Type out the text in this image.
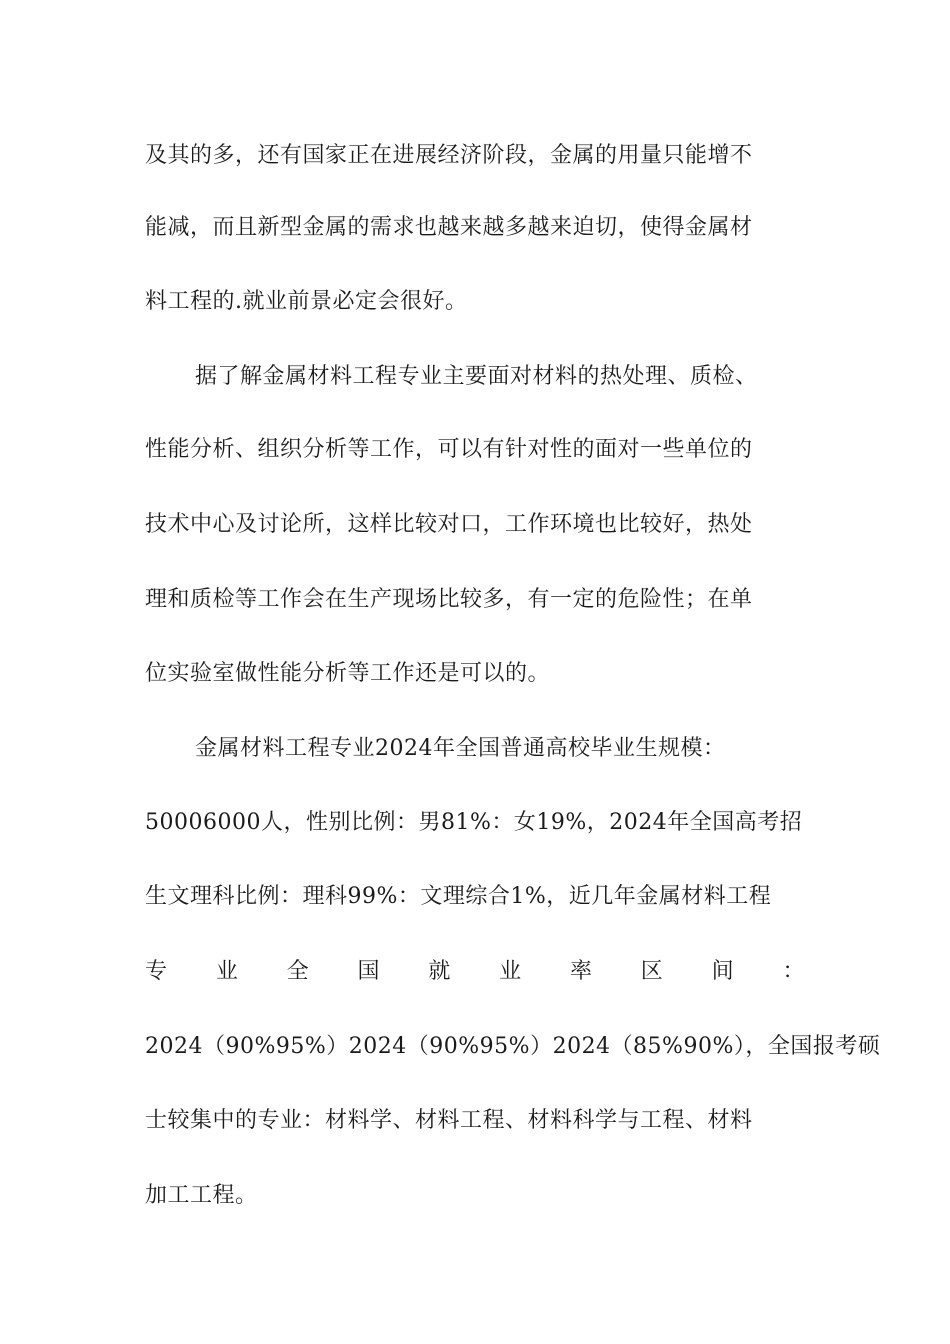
及其的多，还有国家正在进展经济阶段，金属的用量只能增不
能减，而且新型金属的需求也越来越多越来迫切，使得金属材
料工程的.就业前景必定会很好。
据了解金属材料工程专业主要面对材料的热处理、质检、
性能分析、组织分析等工作，可以有针对性的面对一些单位的
技术中心及讨论所，这样比较对口，工作环境也比较好，热处
理和质检等工作会在生产现场比较多，有一定的危险性；在单
位实验室做性能分析等工作还是可以的。
金属材料工程专业2024年全国普通高校毕业生规模：
50006000人，性别比例：男81%：女19%，2024年全国高考招
生文理科比例：理科99%：文理综合1%，近几年金属材料工程
专 业 全 国 就 业 率 区 间 ：
2024（90%95%）2024（90%95%）2024（85%90%），全国报考硕
士较集中的专业：材料学、材料工程、材料科学与工程、材料
加工工程。
